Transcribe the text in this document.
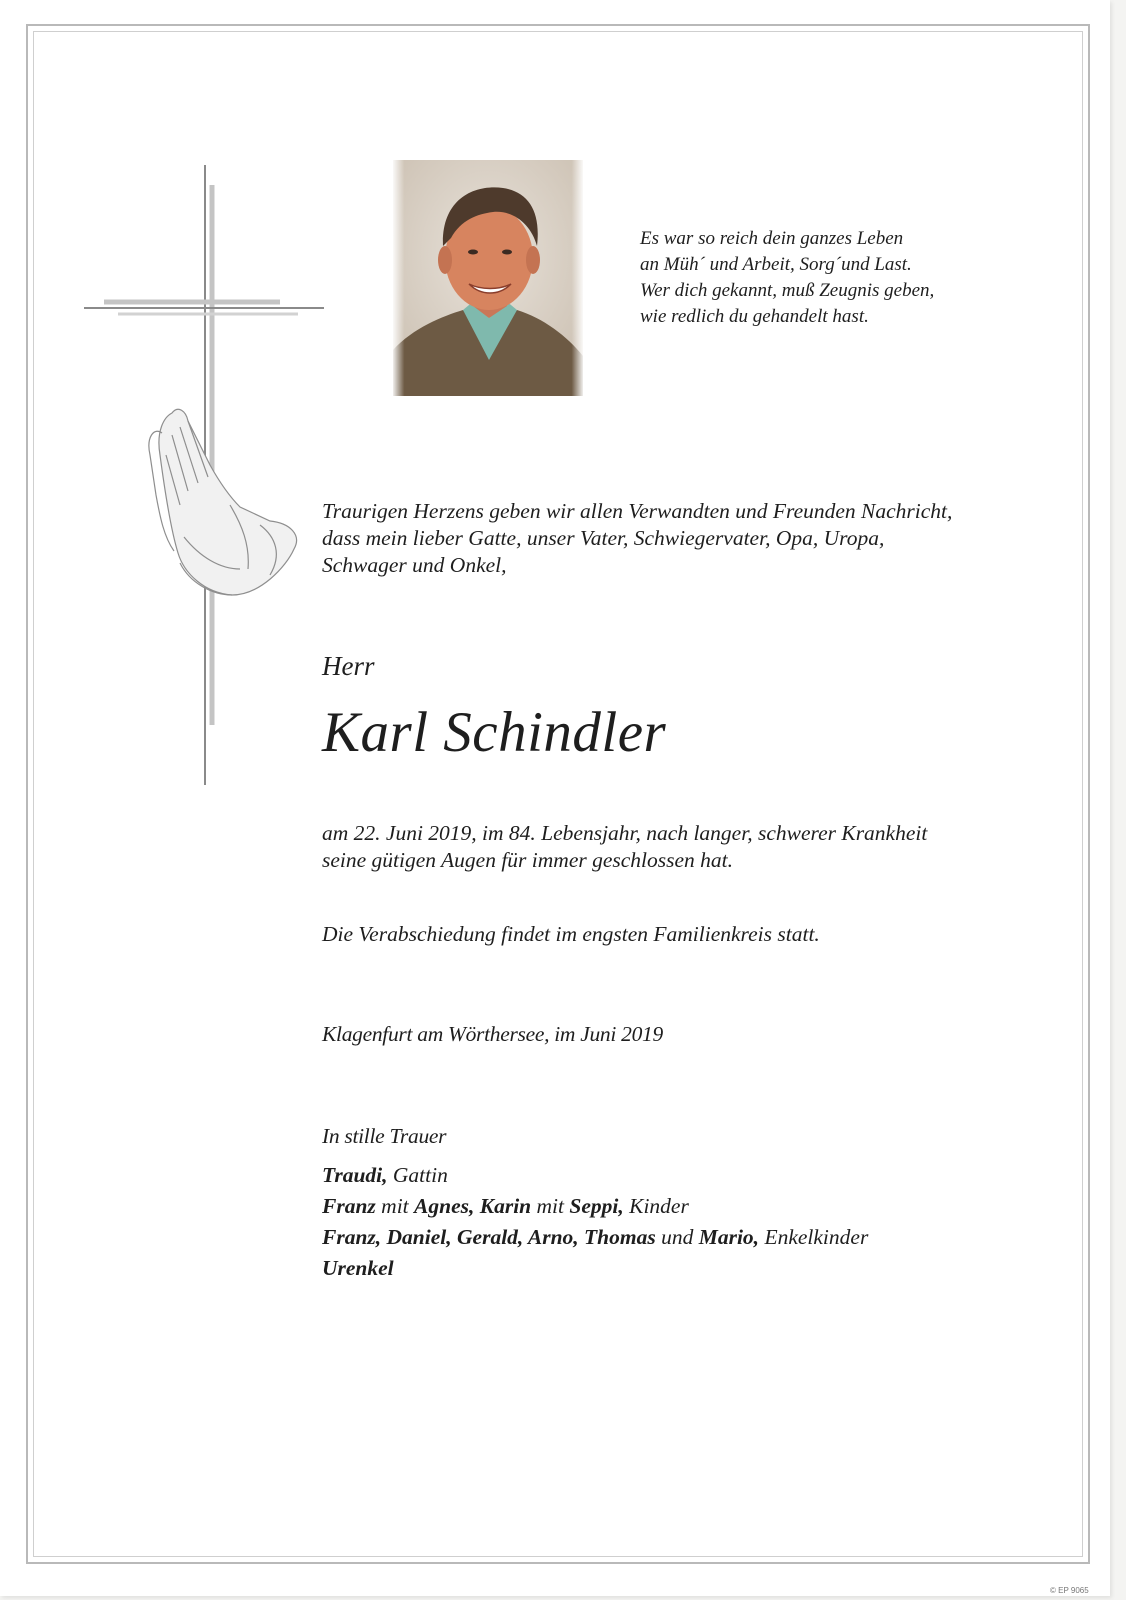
Es war so reich dein ganzes Leben
an Müh´ und Arbeit, Sorg´und Last.
Wer dich gekannt, muß Zeugnis geben,
wie redlich du gehandelt hast.
Traurigen Herzens geben wir allen Verwandten und Freunden Nachricht,
dass mein lieber Gatte, unser Vater, Schwiegervater, Opa, Uropa,
Schwager und Onkel,
Herr
Karl Schindler
am 22. Juni 2019, im 84. Lebensjahr, nach langer, schwerer Krankheit
seine gütigen Augen für immer geschlossen hat.
Die Verabschiedung findet im engsten Familienkreis statt.
Klagenfurt am Wörthersee, im Juni 2019
In stille Trauer
Traudi, Gattin
Franz mit Agnes, Karin mit Seppi, Kinder
Franz, Daniel, Gerald, Arno, Thomas und Mario, Enkelkinder
Urenkel
© EP 9065
